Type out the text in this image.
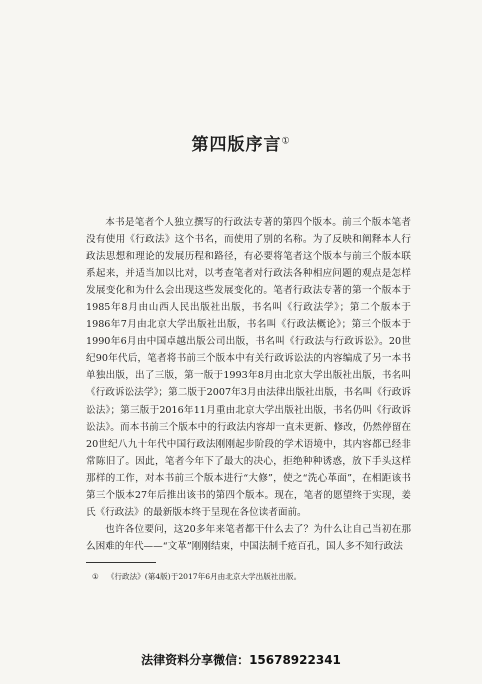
第四版序言①

本书是笔者个人独立撰写的行政法专著的第四个版本。前三个版本笔者没有使用《行政法》这个书名，而使用了别的名称。为了反映和阐释本人行政法思想和理论的发展历程和路径，有必要将笔者这个版本与前三个版本联系起来，并适当加以比对，以考查笔者对行政法各种相应问题的观点是怎样发展变化和为什么会出现这些发展变化的。笔者行政法专著的第一个版本于1985年8月由山西人民出版社出版，书名叫《行政法学》；第二个版本于1986年7月由北京大学出版社出版，书名叫《行政法概论》；第三个版本于1990年6月由中国卓越出版公司出版，书名叫《行政法与行政诉讼》。20世纪90年代后，笔者将书前三个版本中有关行政诉讼法的内容编成了另一本书单独出版，出了三版，第一版于1993年8月由北京大学出版社出版，书名叫《行政诉讼法学》；第二版于2007年3月由法律出版社出版，书名叫《行政诉讼法》；第三版于2016年11月重由北京大学出版社出版，书名仍叫《行政诉讼法》。而本书前三个版本中的行政法内容却一直未更新、修改，仍然停留在20世纪八九十年代中国行政法刚刚起步阶段的学术语境中，其内容都已经非常陈旧了。因此，笔者今年下了最大的决心，拒绝种种诱惑，放下手头这样那样的工作，对本书前三个版本进行“大修”，使之“洗心革面”，在相距该书第三个版本27年后推出该书的第四个版本。现在，笔者的愿望终于实现，姜氏《行政法》的最新版本终于呈现在各位读者面前。

也许各位要问，这20多年来笔者都干什么去了？为什么让自己当初在那么困难的年代——“文革”刚刚结束，中国法制千疮百孔，国人多不知行政法

① 《行政法》(第4版)于2017年6月由北京大学出版社出版。
法律资料分享微信：15678922341
